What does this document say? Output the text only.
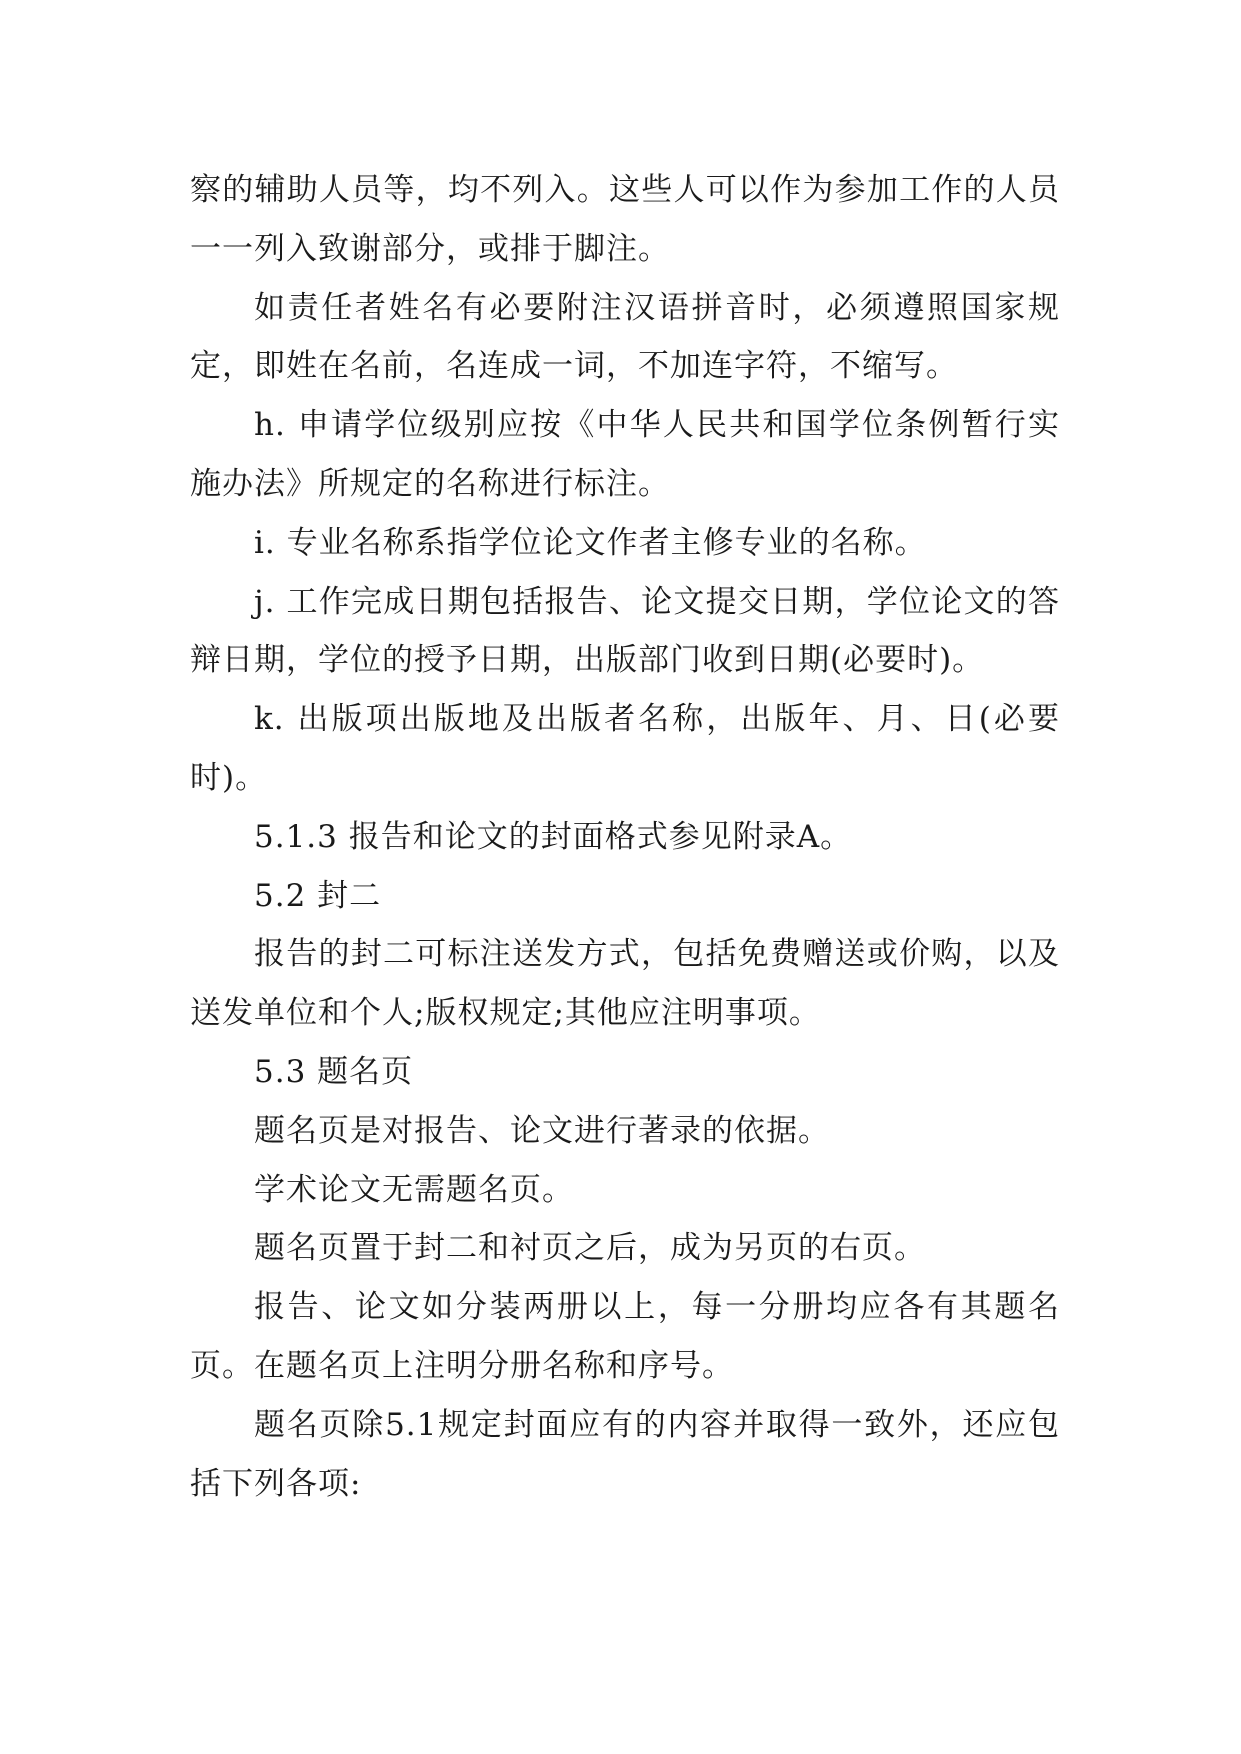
察的辅助人员等，均不列入。这些人可以作为参加工作的人员一一列入致谢部分，或排于脚注。

如责任者姓名有必要附注汉语拼音时，必须遵照国家规定，即姓在名前，名连成一词，不加连字符，不缩写。

h. 申请学位级别应按《中华人民共和国学位条例暂行实施办法》所规定的名称进行标注。

i. 专业名称系指学位论文作者主修专业的名称。

j. 工作完成日期包括报告、论文提交日期，学位论文的答辩日期，学位的授予日期，出版部门收到日期(必要时)。

k. 出版项出版地及出版者名称，出版年、月、日(必要时)。

5.1.3 报告和论文的封面格式参见附录A。

5.2 封二

报告的封二可标注送发方式，包括免费赠送或价购，以及送发单位和个人;版权规定;其他应注明事项。

5.3 题名页

题名页是对报告、论文进行著录的依据。

学术论文无需题名页。

题名页置于封二和衬页之后，成为另页的右页。

报告、论文如分装两册以上，每一分册均应各有其题名页。在题名页上注明分册名称和序号。

题名页除5.1规定封面应有的内容并取得一致外，还应包括下列各项:
